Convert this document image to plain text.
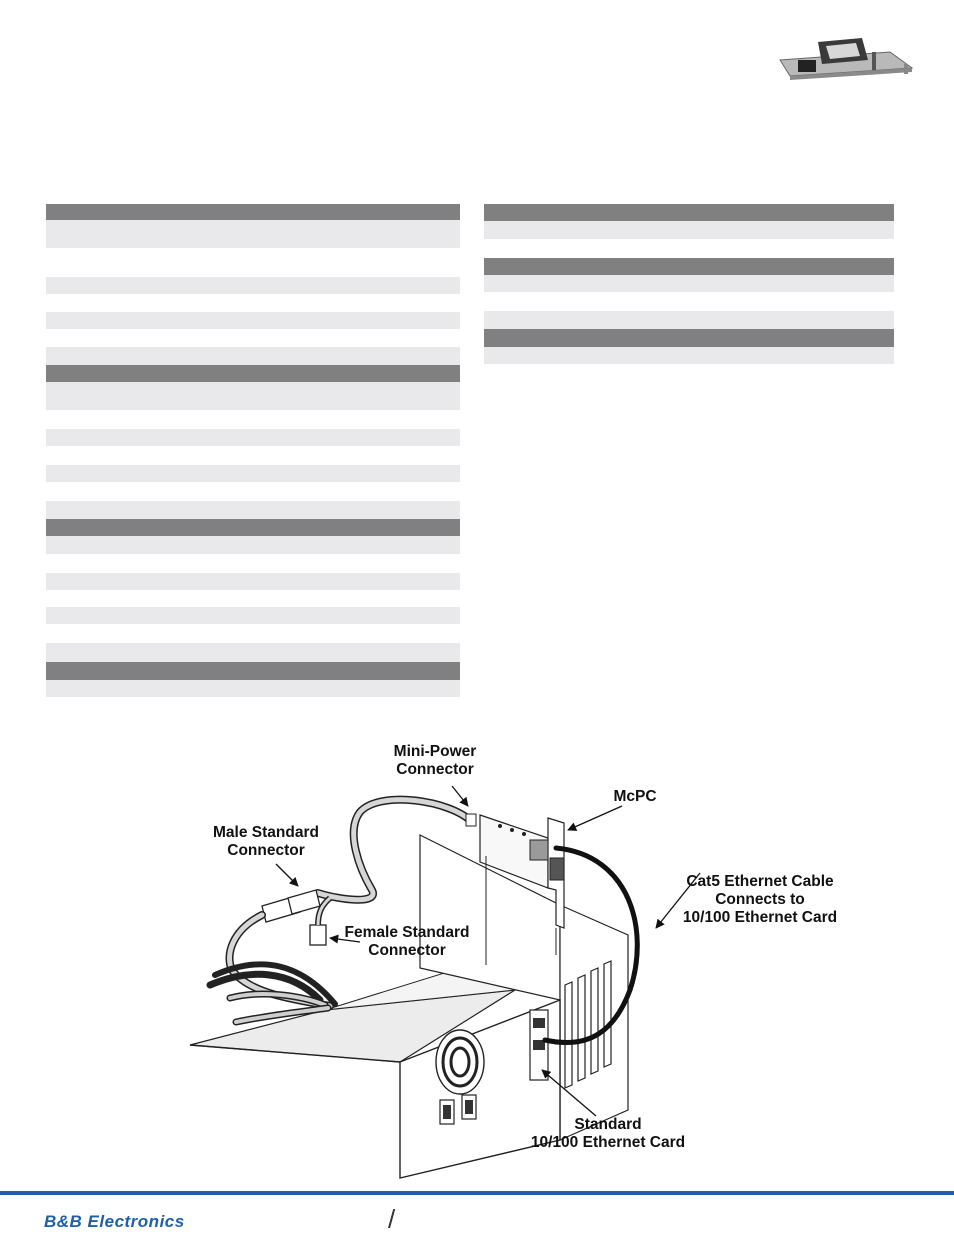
Mini-Power
Connector
McPC
Male Standard
Connector
Female Standard
Connector
Cat5 Ethernet Cable
Connects to
10/100 Ethernet Card
Standard
10/100 Ethernet Card
B&B Electronics	/
